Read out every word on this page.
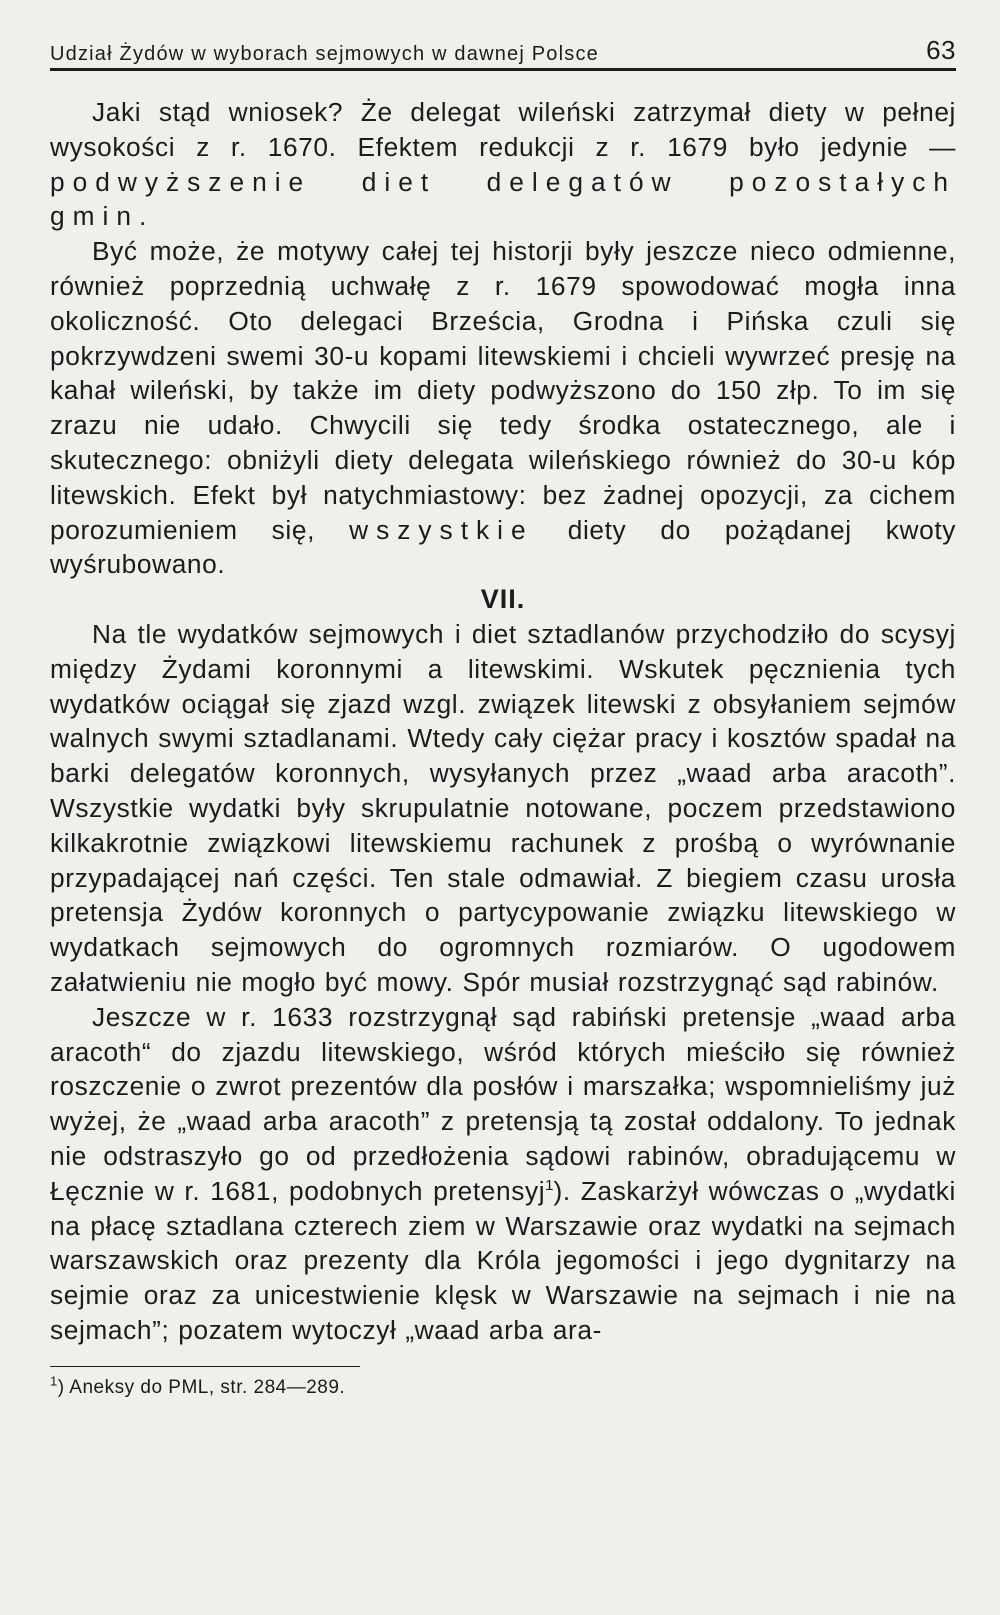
Udział Żydów w wyborach sejmowych w dawnej Polsce	63

Jaki stąd wniosek? Że delegat wileński zatrzymał diety w pełnej wysokości z r. 1670. Efektem redukcji z r. 1679 było jedynie — podwyższenie diet delegatów pozostałych gmin.

Być może, że motywy całej tej historji były jeszcze nieco odmienne, również poprzednią uchwałę z r. 1679 spowodować mogła inna okoliczność. Oto delegaci Brześcia, Grodna i Pińska czuli się pokrzywdzeni swemi 30-u kopami litewskiemi i chcieli wywrzeć presję na kahał wileński, by także im diety podwyższono do 150 złp. To im się zrazu nie udało. Chwycili się tedy środka ostatecznego, ale i skutecznego: obniżyli diety delegata wileńskiego również do 30-u kóp litewskich. Efekt był natychmiastowy: bez żadnej opozycji, za cichem porozumieniem się, wszystkie diety do pożądanej kwoty wyśrubowano.

VII.

Na tle wydatków sejmowych i diet sztadlanów przychodziło do scysyj między Żydami koronnymi a litewskimi. Wskutek pęcznienia tych wydatków ociągał się zjazd wzgl. związek litewski z obsyłaniem sejmów walnych swymi sztadlanami. Wtedy cały ciężar pracy i kosztów spadał na barki delegatów koronnych, wysyłanych przez „waad arba aracoth”. Wszystkie wydatki były skrupulatnie notowane, poczem przedstawiono kilkakrotnie związkowi litewskiemu rachunek z prośbą o wyrównanie przypadającej nań części. Ten stale odmawiał. Z biegiem czasu urosła pretensja Żydów koronnych o partycypowanie związku litewskiego w wydatkach sejmowych do ogromnych rozmiarów. O ugodowem załatwieniu nie mogło być mowy. Spór musiał rozstrzygnąć sąd rabinów.

Jeszcze w r. 1633 rozstrzygnął sąd rabiński pretensje „waad arba aracoth“ do zjazdu litewskiego, wśród których mieściło się również roszczenie o zwrot prezentów dla posłów i marszałka; wspomnieliśmy już wyżej, że „waad arba aracoth” z pretensją tą został oddalony. To jednak nie odstraszyło go od przedłożenia sądowi rabinów, obradującemu w Łęcznie w r. 1681, podobnych pretensyj$^1$). Zaskarżył wówczas o „wydatki na płacę sztadlana czterech ziem w Warszawie oraz wydatki na sejmach warszawskich oraz prezenty dla Króla jegomości i jego dygnitarzy na sejmie oraz za unicestwienie klęsk w Warszawie na sejmach i nie na sejmach”; pozatem wytoczył „waad arba ara-

$^1$) Aneksy do PML, str. 284—289.
